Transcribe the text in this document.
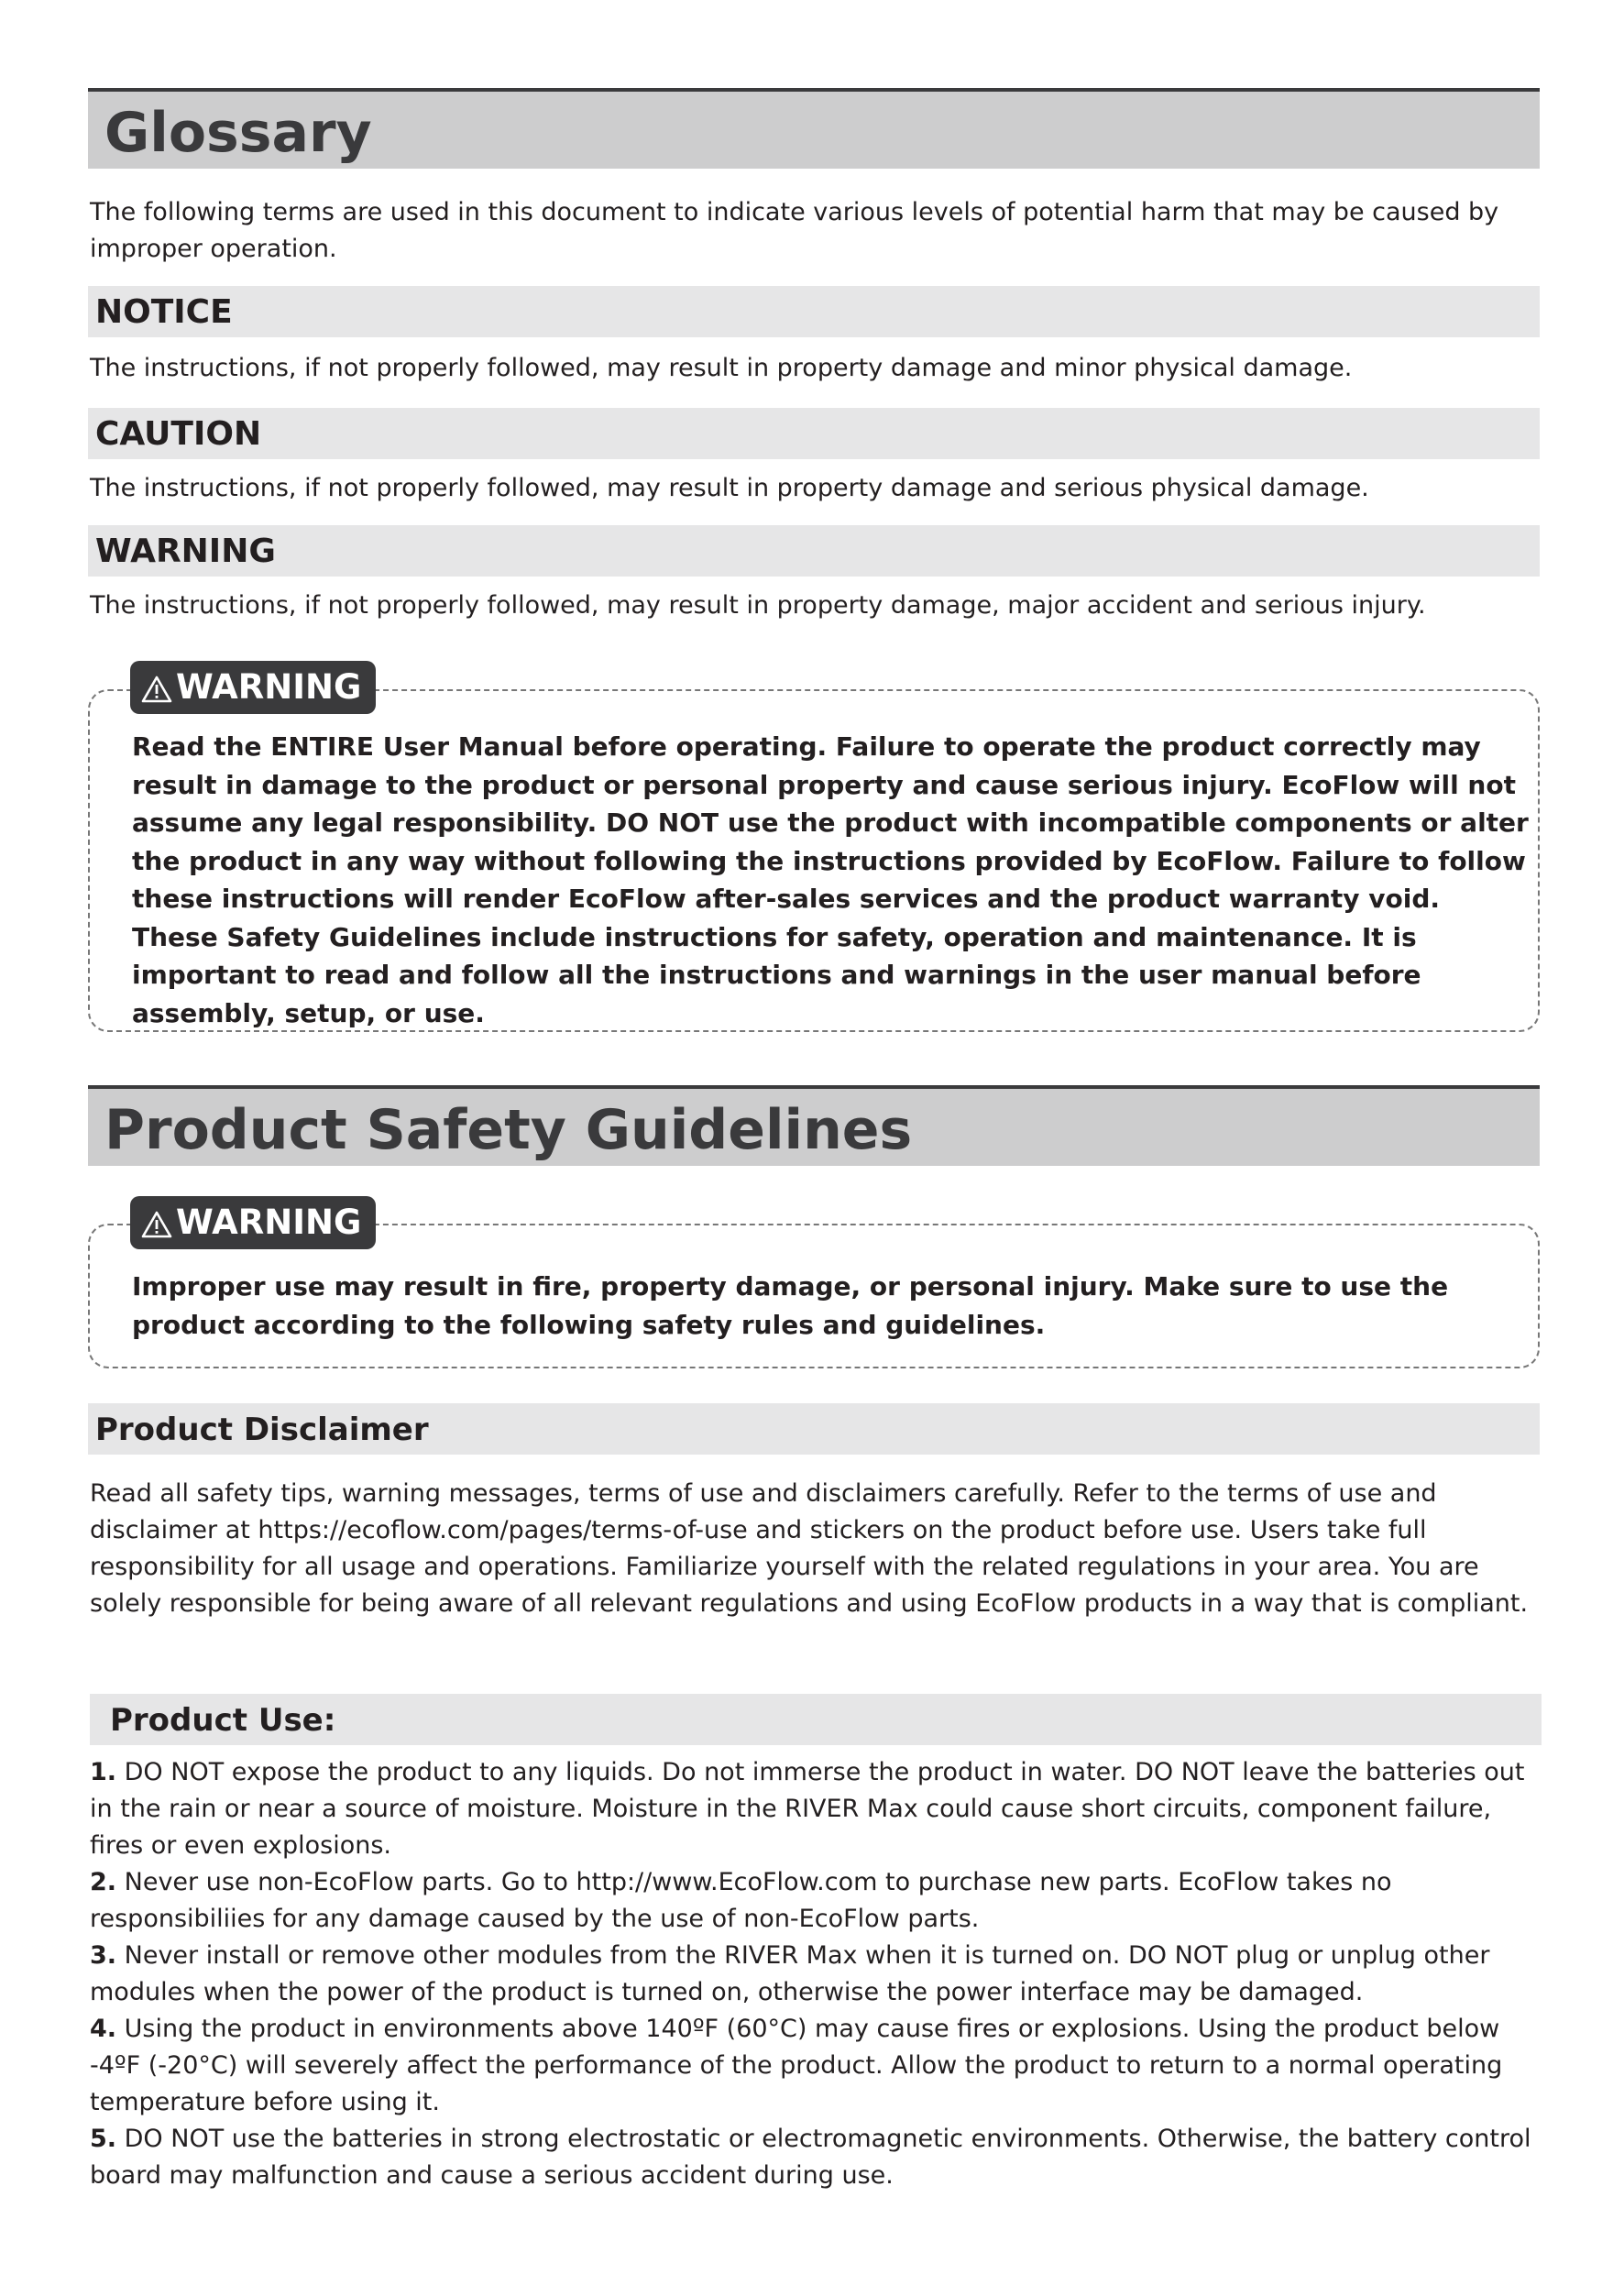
Glossary

The following terms are used in this document to indicate various levels of potential harm that may be caused by improper operation.

NOTICE

The instructions, if not properly followed, may result in property damage and minor physical damage.

CAUTION

The instructions, if not properly followed, may result in property damage and serious physical damage.

WARNING

The instructions, if not properly followed, may result in property damage, major accident and serious injury.

Read the ENTIRE User Manual before operating. Failure to operate the product correctly may result in damage to the product or personal property and cause serious injury. EcoFlow will not assume any legal responsibility. DO NOT use the product with incompatible components or alter the product in any way without following the instructions provided by EcoFlow. Failure to follow these instructions will render EcoFlow after-sales services and the product warranty void. These Safety Guidelines include instructions for safety, operation and maintenance. It is important to read and follow all the instructions and warnings in the user manual before assembly, setup, or use.

WARNING
Product Safety Guidelines

Improper use may result in fire, property damage, or personal injury. Make sure to use the product according to the following safety rules and guidelines.

WARNING
Product Disclaimer

Read all safety tips, warning messages, terms of use and disclaimers carefully. Refer to the terms of use and disclaimer at https://ecoflow.com/pages/terms-of-use and stickers on the product before use. Users take full responsibility for all usage and operations. Familiarize yourself with the related regulations in your area. You are solely responsible for being aware of all relevant regulations and using EcoFlow products in a way that is compliant.

Product Use:

1. DO NOT expose the product to any liquids. Do not immerse the product in water. DO NOT leave the batteries out in the rain or near a source of moisture. Moisture in the RIVER Max could cause short circuits, component failure, fires or even explosions.

2. Never use non-EcoFlow parts. Go to http://www.EcoFlow.com to purchase new parts. EcoFlow takes no responsibiliies for any damage caused by the use of non-EcoFlow parts.

3. Never install or remove other modules from the RIVER Max when it is turned on. DO NOT plug or unplug other modules when the power of the product is turned on, otherwise the power interface may be damaged.

4. Using the product in environments above 140ºF (60°C) may cause fires or explosions. Using the product below -4ºF (-20°C) will severely affect the performance of the product. Allow the product to return to a normal operating temperature before using it.

5. DO NOT use the batteries in strong electrostatic or electromagnetic environments. Otherwise, the battery control board may malfunction and cause a serious accident during use.
